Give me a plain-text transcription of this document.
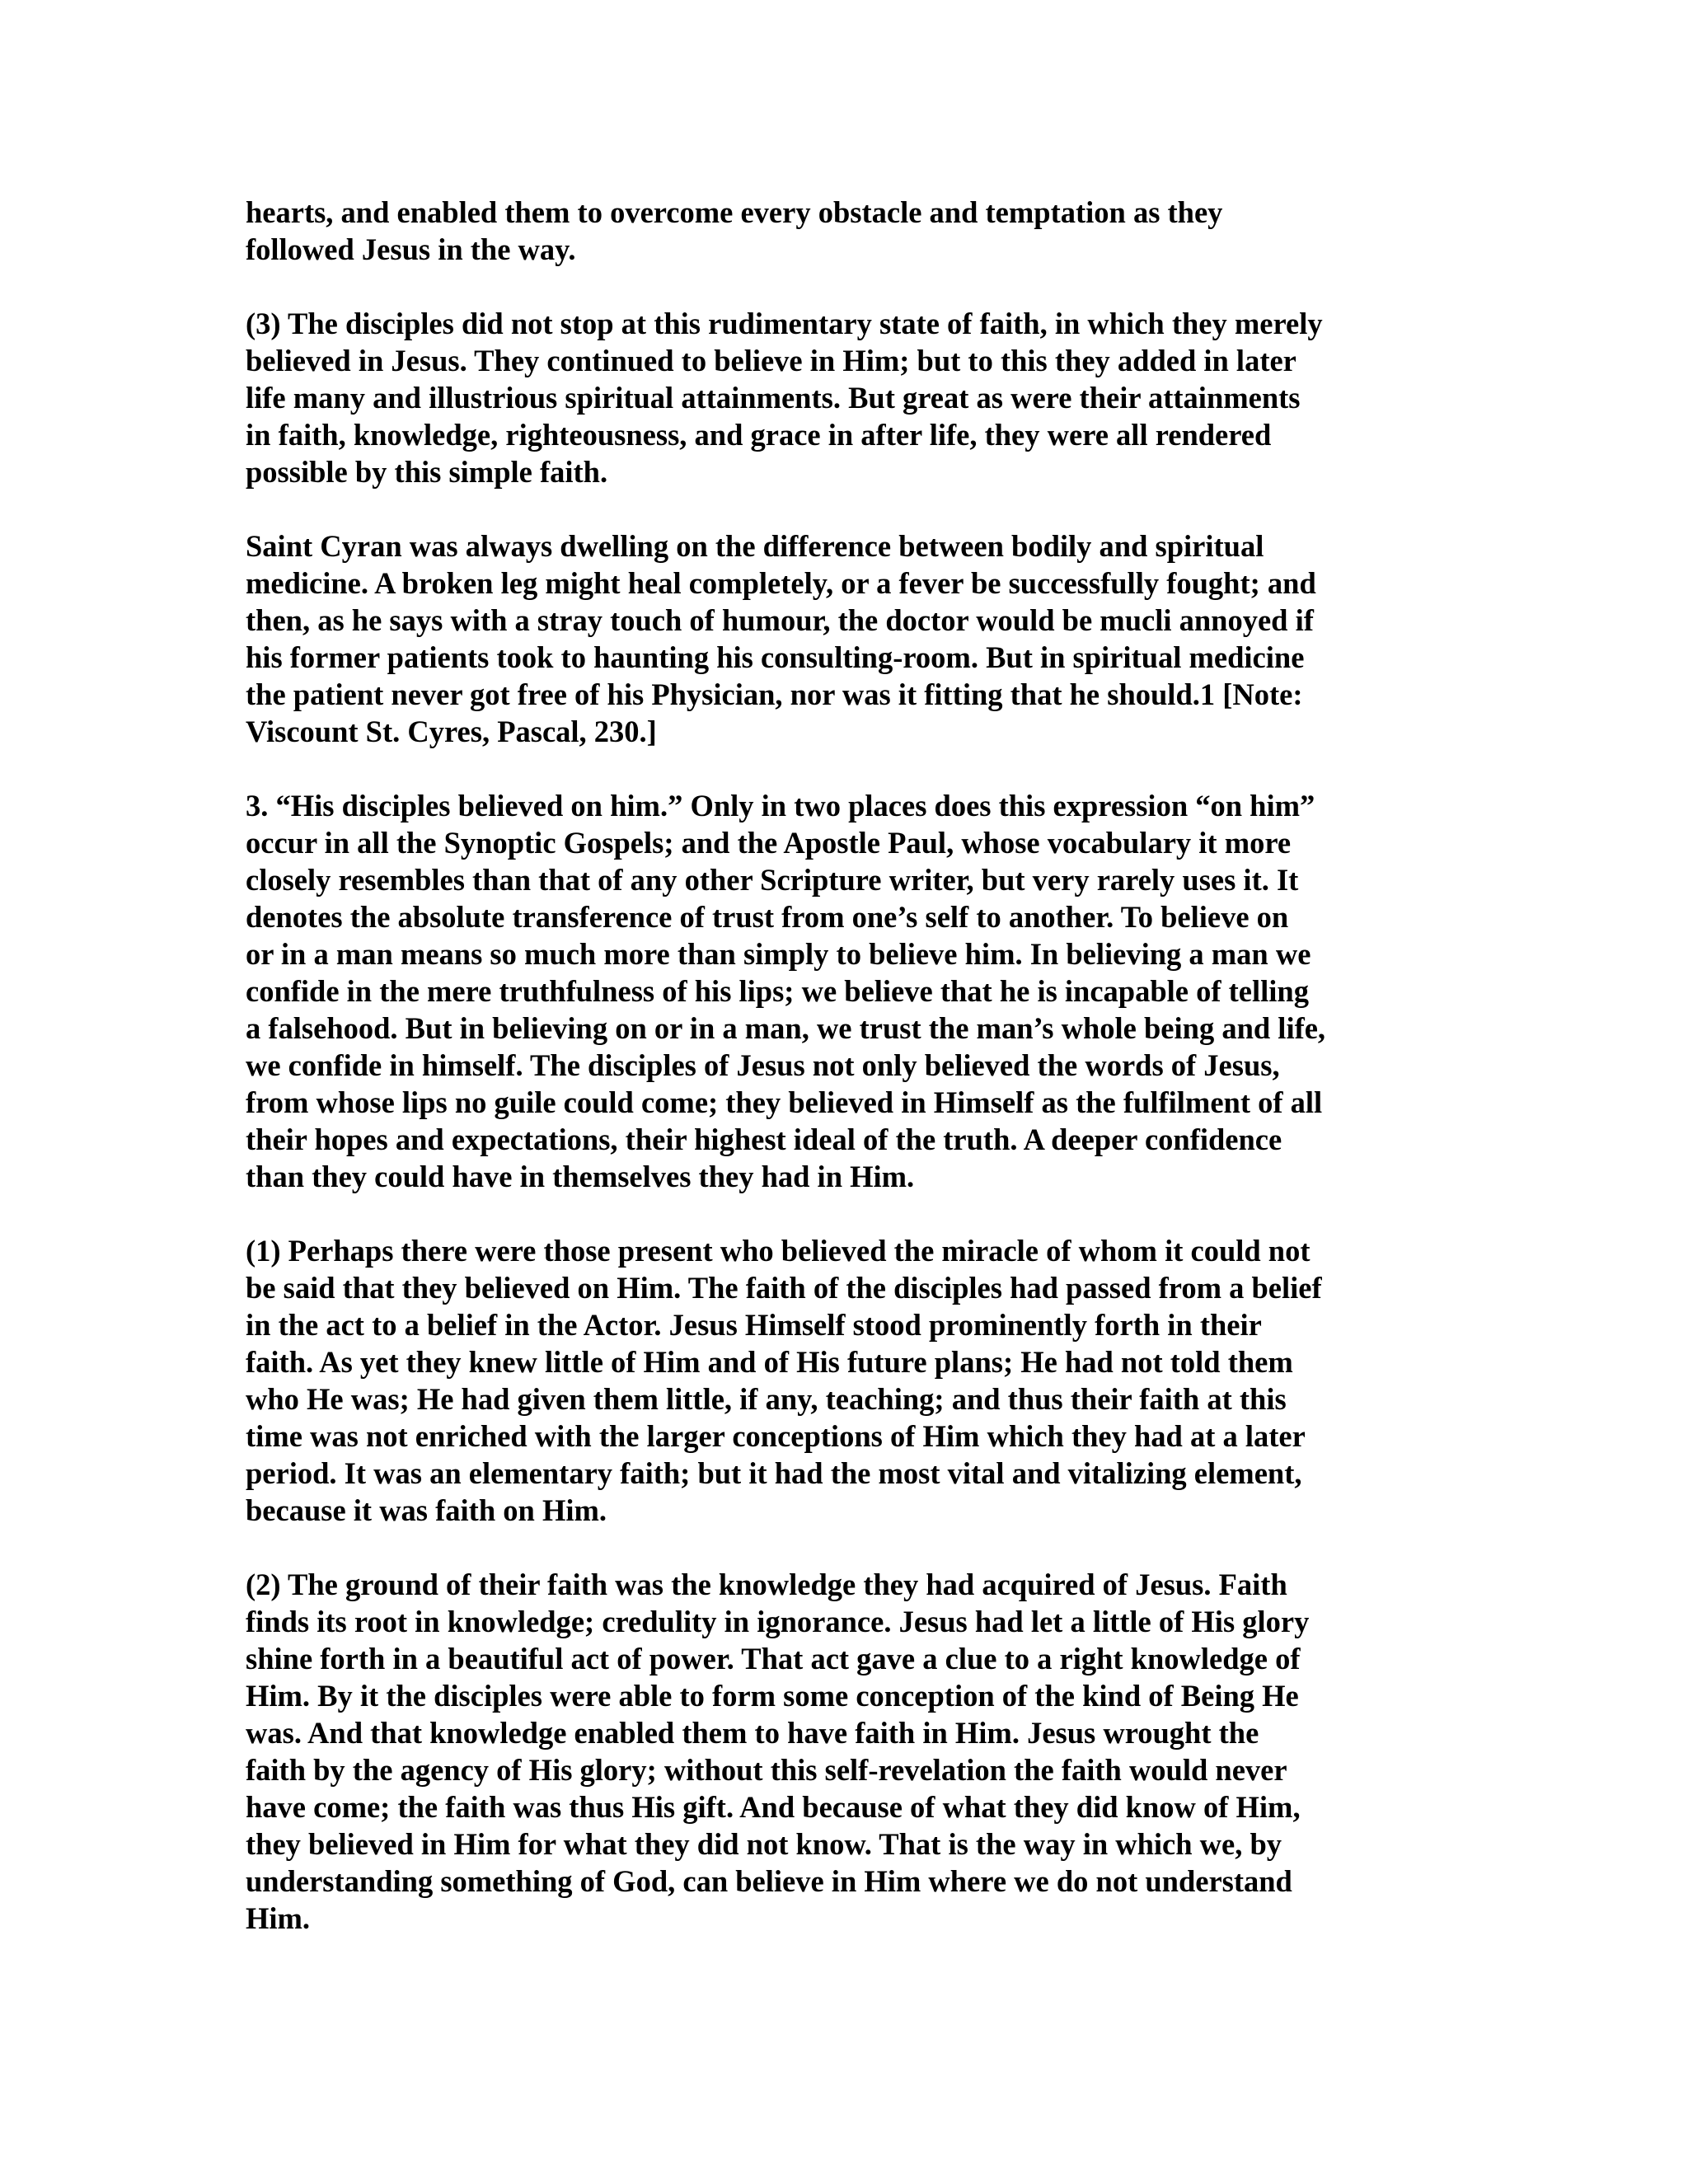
hearts, and enabled them to overcome every obstacle and temptation as they
followed Jesus in the way.
(3) The disciples did not stop at this rudimentary state of faith, in which they merely
believed in Jesus. They continued to believe in Him; but to this they added in later
life many and illustrious spiritual attainments. But great as were their attainments
in faith, knowledge, righteousness, and grace in after life, they were all rendered
possible by this simple faith.
Saint Cyran was always dwelling on the difference between bodily and spiritual
medicine. A broken leg might heal completely, or a fever be successfully fought; and
then, as he says with a stray touch of humour, the doctor would be mucli annoyed if
his former patients took to haunting his consulting-room. But in spiritual medicine
the patient never got free of his Physician, nor was it fitting that he should.1 [Note:
Viscount St. Cyres, Pascal, 230.]
3. “His disciples believed on him.” Only in two places does this expression “on him”
occur in all the Synoptic Gospels; and the Apostle Paul, whose vocabulary it more
closely resembles than that of any other Scripture writer, but very rarely uses it. It
denotes the absolute transference of trust from one’s self to another. To believe on
or in a man means so much more than simply to believe him. In believing a man we
confide in the mere truthfulness of his lips; we believe that he is incapable of telling
a falsehood. But in believing on or in a man, we trust the man’s whole being and life,
we confide in himself. The disciples of Jesus not only believed the words of Jesus,
from whose lips no guile could come; they believed in Himself as the fulfilment of all
their hopes and expectations, their highest ideal of the truth. A deeper confidence
than they could have in themselves they had in Him.
(1) Perhaps there were those present who believed the miracle of whom it could not
be said that they believed on Him. The faith of the disciples had passed from a belief
in the act to a belief in the Actor. Jesus Himself stood prominently forth in their
faith. As yet they knew little of Him and of His future plans; He had not told them
who He was; He had given them little, if any, teaching; and thus their faith at this
time was not enriched with the larger conceptions of Him which they had at a later
period. It was an elementary faith; but it had the most vital and vitalizing element,
because it was faith on Him.
(2) The ground of their faith was the knowledge they had acquired of Jesus. Faith
finds its root in knowledge; credulity in ignorance. Jesus had let a little of His glory
shine forth in a beautiful act of power. That act gave a clue to a right knowledge of
Him. By it the disciples were able to form some conception of the kind of Being He
was. And that knowledge enabled them to have faith in Him. Jesus wrought the
faith by the agency of His glory; without this self-revelation the faith would never
have come; the faith was thus His gift. And because of what they did know of Him,
they believed in Him for what they did not know. That is the way in which we, by
understanding something of God, can believe in Him where we do not understand
Him.
